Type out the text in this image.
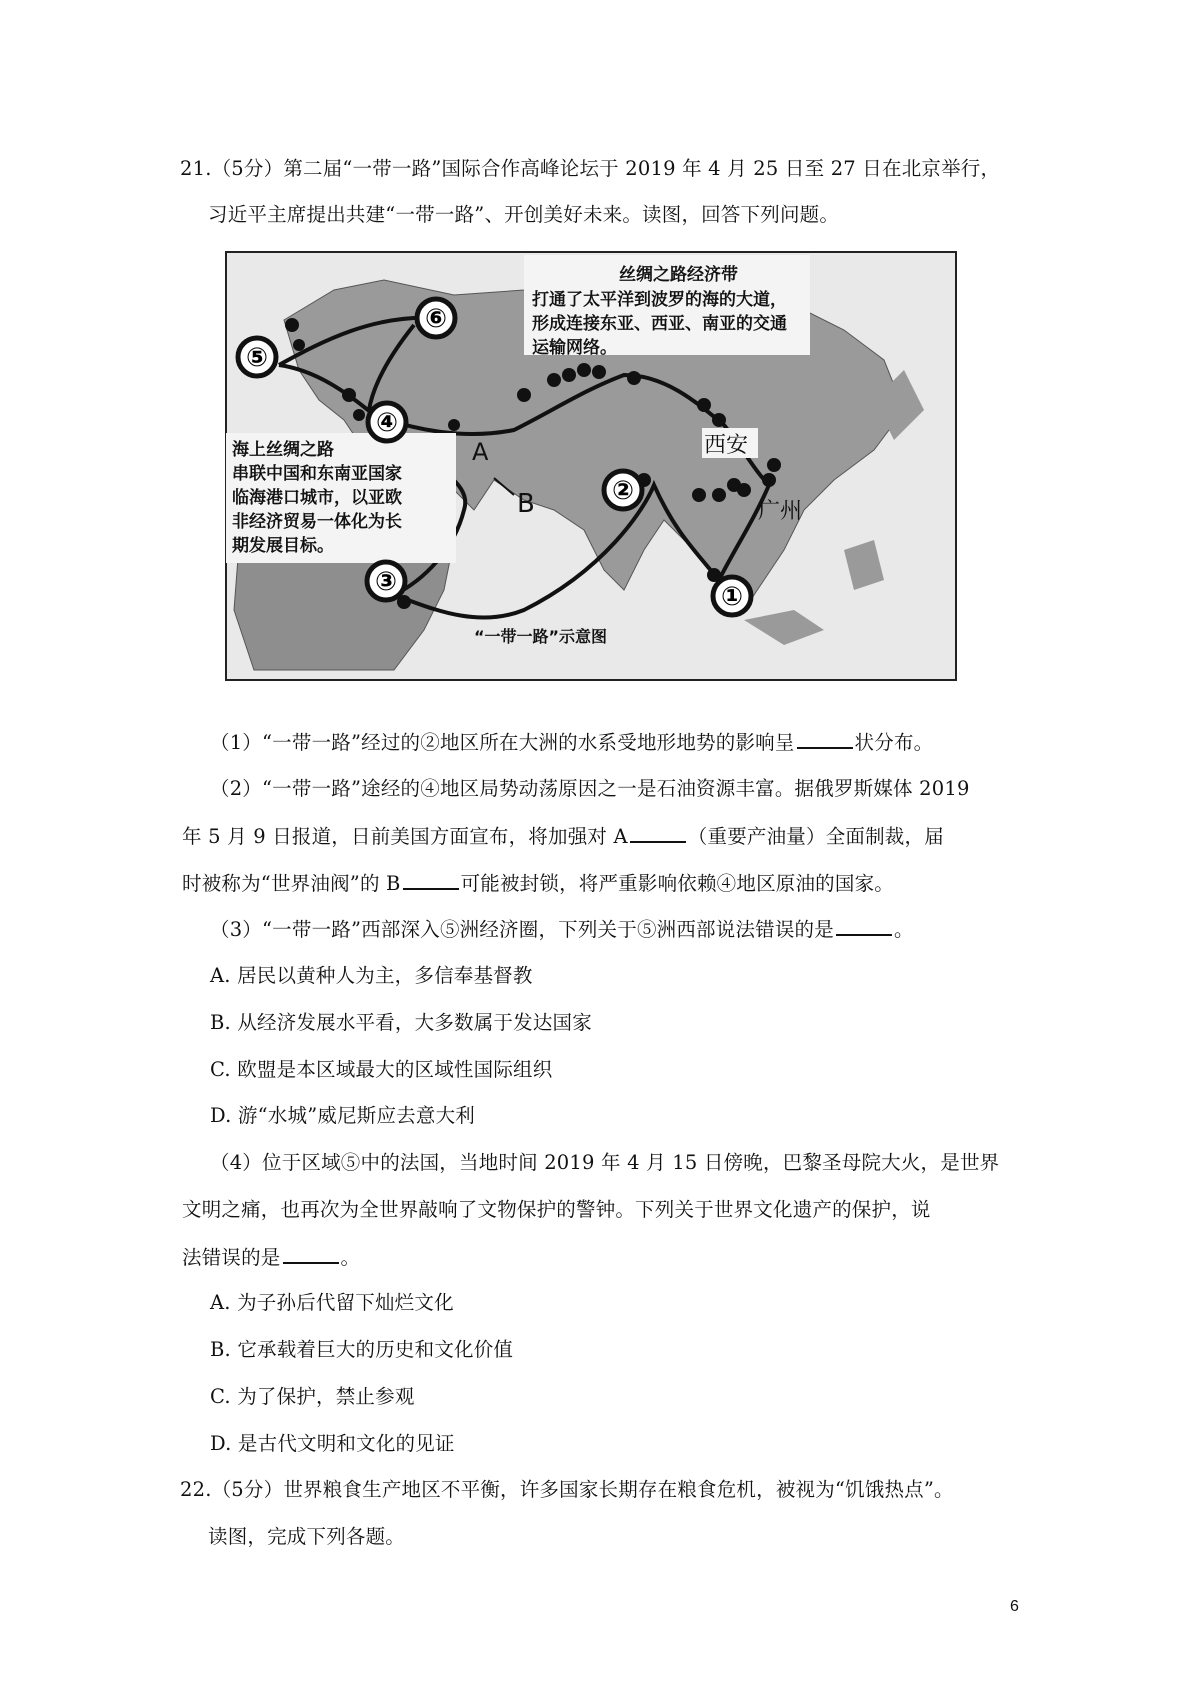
21.（5分）第二届“一带一路”国际合作高峰论坛于 2019 年 4 月 25 日至 27 日在北京举行，
习近平主席提出共建“一带一路”、开创美好未来。读图，回答下列问题。
丝绸之路经济带
打通了太平洋到波罗的海的大道，
形成连接东亚、西亚、南亚的交通
运输网络。
海上丝绸之路
串联中国和东南亚国家
临海港口城市，以亚欧
非经济贸易一体化为长
期发展目标。
⑥
⑤
④
②
③	①
西安
广州
A
B
“一带一路”示意图
（1）“一带一路”经过的②地区所在大洲的水系受地形地势的影响呈	状分布。
（2）“一带一路”途经的④地区局势动荡原因之一是石油资源丰富。据俄罗斯媒体 2019
年 5 月 9 日报道，日前美国方面宣布，将加强对 A	（重要产油量）全面制裁，届
时被称为“世界油阀”的 B	可能被封锁，将严重影响依赖④地区原油的国家。
（3）“一带一路”西部深入⑤洲经济圈，下列关于⑤洲西部说法错误的是	。
A. 居民以黄种人为主，多信奉基督教
B. 从经济发展水平看，大多数属于发达国家
C. 欧盟是本区域最大的区域性国际组织
D. 游“水城”威尼斯应去意大利
（4）位于区域⑤中的法国，当地时间 2019 年 4 月 15 日傍晚，巴黎圣母院大火，是世界
文明之痛，也再次为全世界敲响了文物保护的警钟。下列关于世界文化遗产的保护，说
法错误的是	。
A. 为子孙后代留下灿烂文化
B. 它承载着巨大的历史和文化价值
C. 为了保护，禁止参观
D. 是古代文明和文化的见证
22.（5分）世界粮食生产地区不平衡，许多国家长期存在粮食危机，被视为“饥饿热点”。
读图，完成下列各题。
6
